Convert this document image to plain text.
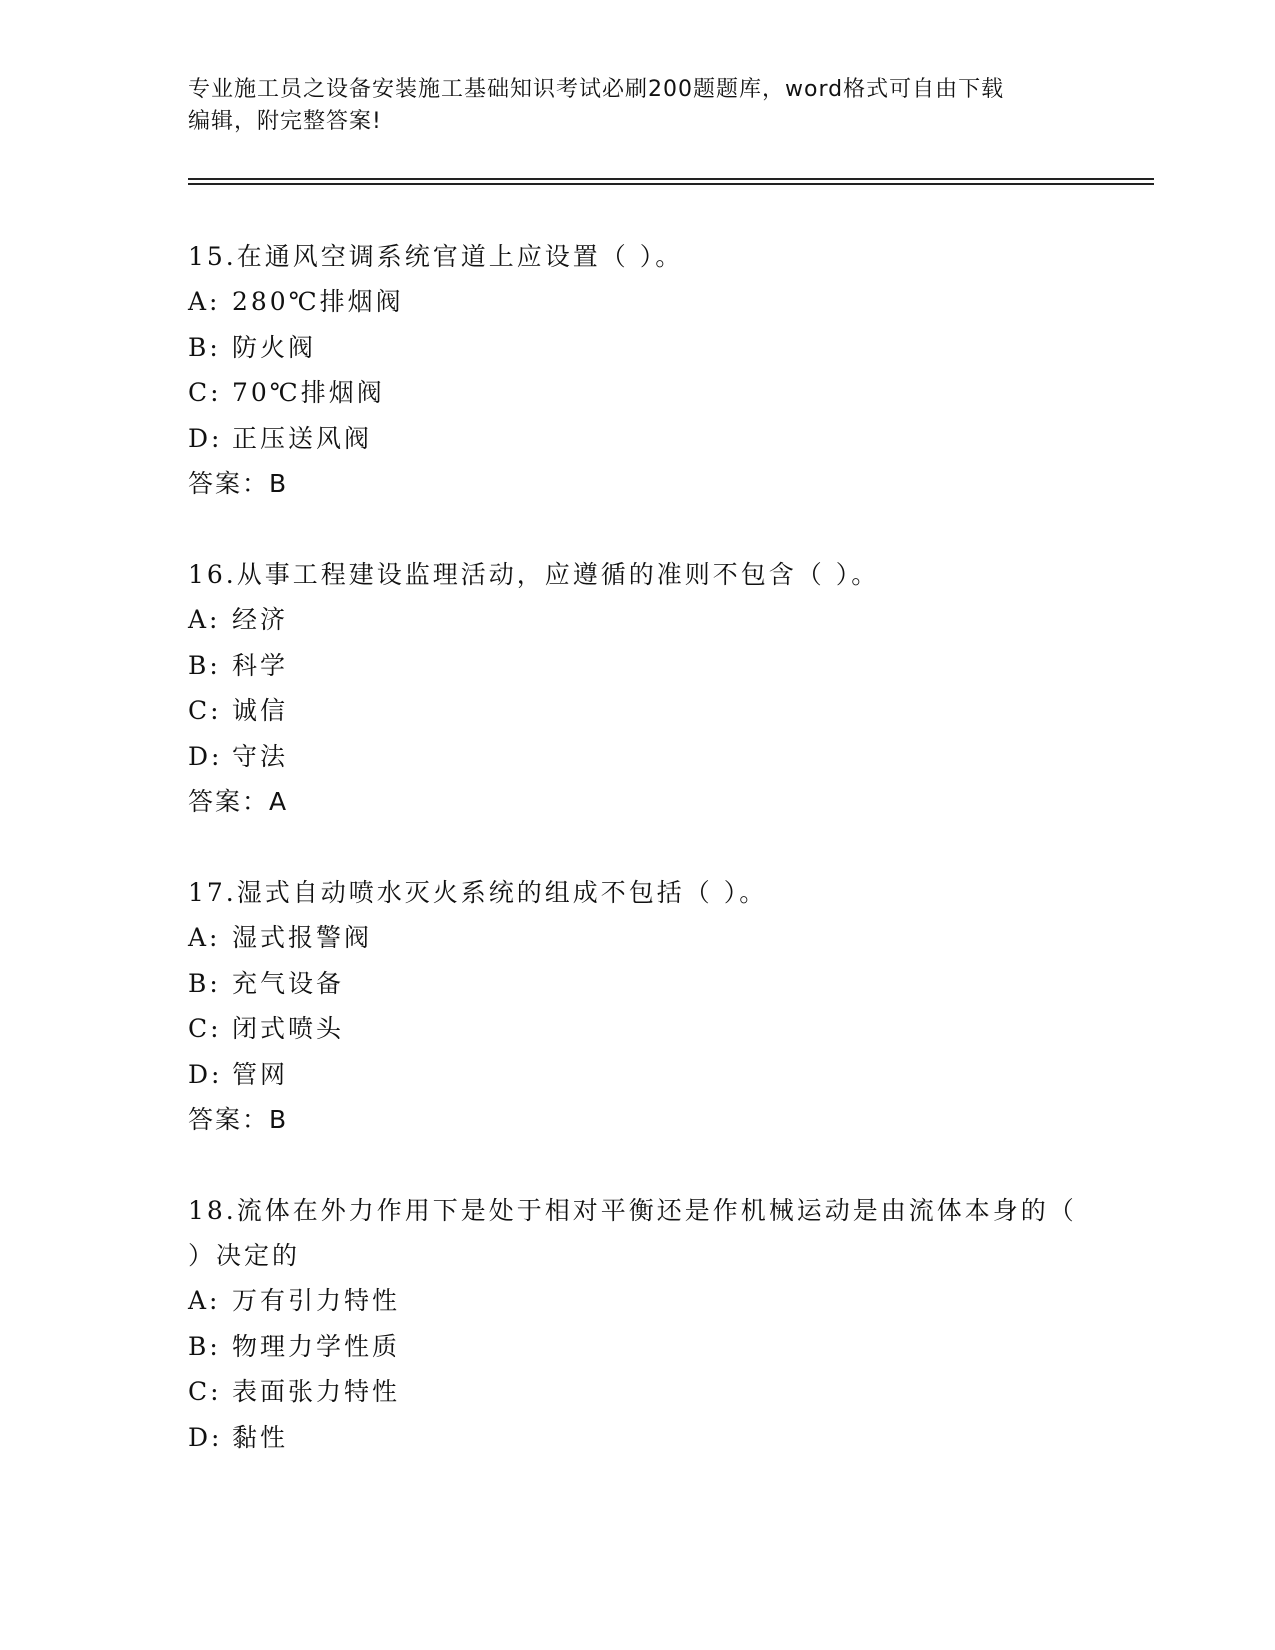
专业施工员之设备安装施工基础知识考试必刷200题题库，word格式可自由下载
编辑，附完整答案!

15.在通风空调系统官道上应设置（ ）。

A: 280℃排烟阀

B: 防火阀

C: 70℃排烟阀

D: 正压送风阀

答案：B

16.从事工程建设监理活动，应遵循的准则不包含（ ）。

A: 经济

B: 科学

C: 诚信

D: 守法

答案：A

17.湿式自动喷水灭火系统的组成不包括（ ）。

A: 湿式报警阀

B: 充气设备

C: 闭式喷头

D: 管网

答案：B

18.流体在外力作用下是处于相对平衡还是作机械运动是由流体本身的（ ）决定的

A: 万有引力特性

B: 物理力学性质

C: 表面张力特性

D: 黏性
